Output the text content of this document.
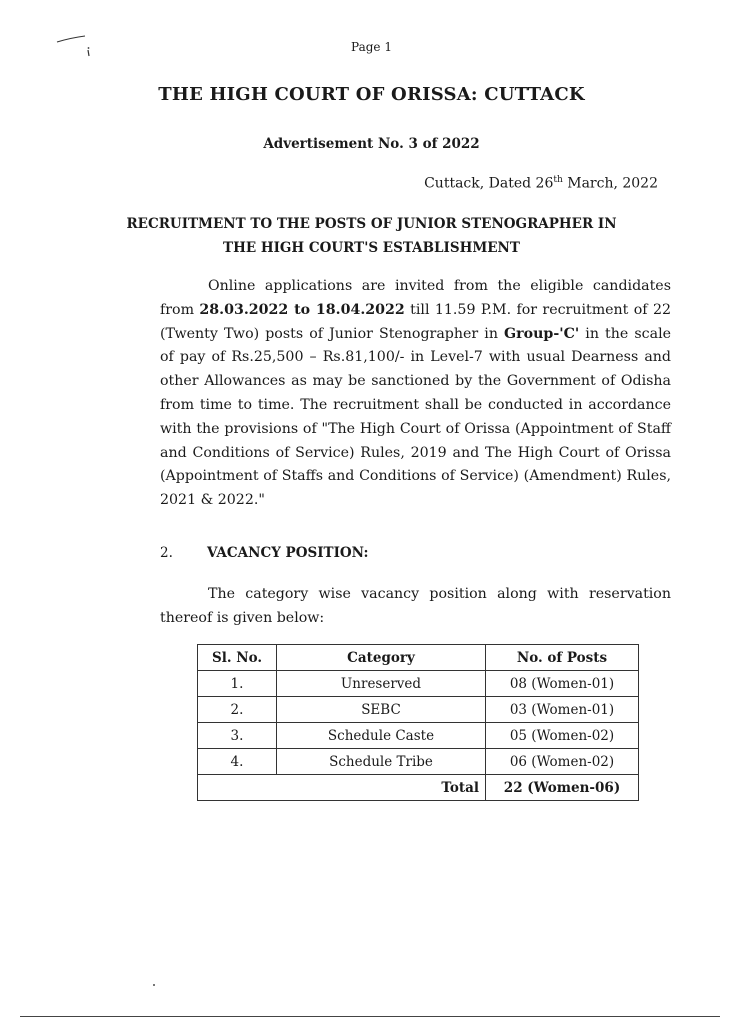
Page 1
THE HIGH COURT OF ORISSA: CUTTACK
Advertisement No. 3 of 2022
Cuttack, Dated 26th March, 2022
RECRUITMENT TO THE POSTS OF JUNIOR STENOGRAPHER IN
THE HIGH COURT'S ESTABLISHMENT
Online applications are invited from the eligible candidates from 28.03.2022 to 18.04.2022 till 11.59 P.M. for recruitment of 22 (Twenty Two) posts of Junior Stenographer in Group-'C' in the scale of pay of Rs.25,500 – Rs.81,100/- in Level-7 with usual Dearness and other Allowances as may be sanctioned by the Government of Odisha from time to time. The recruitment shall be conducted in accordance with the provisions of "The High Court of Orissa (Appointment of Staff and Conditions of Service) Rules, 2019 and The High Court of Orissa (Appointment of Staffs and Conditions of Service) (Amendment) Rules, 2021 & 2022."
2.	VACANCY POSITION:
The category wise vacancy position along with reservation thereof is given below:
Sl. No.	Category	No. of Posts
1.	Unreserved	08 (Women-01)
2.	SEBC	03 (Women-01)
3.	Schedule Caste	05 (Women-02)
4.	Schedule Tribe	06 (Women-02)
Total		22 (Women-06)
